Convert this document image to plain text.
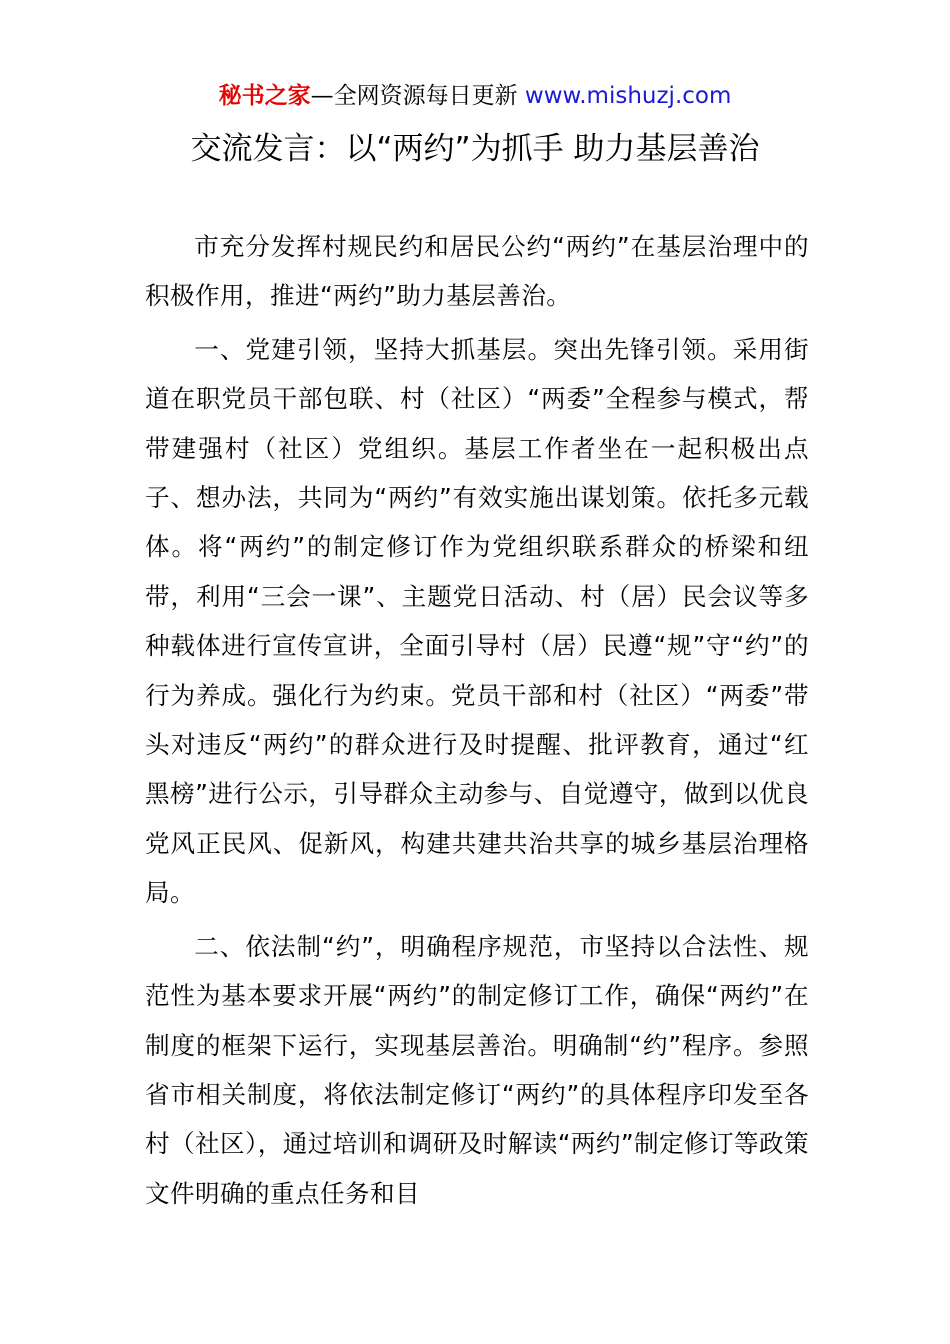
秘书之家—全网资源每日更新 www.mishuzj.com
交流发言：以“两约”为抓手 助力基层善治

市充分发挥村规民约和居民公约“两约”在基层治理中的积极作用，推进“两约”助力基层善治。

一、党建引领，坚持大抓基层。突出先锋引领。采用街道在职党员干部包联、村（社区）“两委”全程参与模式，帮带建强村（社区）党组织。基层工作者坐在一起积极出点子、想办法，共同为“两约”有效实施出谋划策。依托多元载体。将“两约”的制定修订作为党组织联系群众的桥梁和纽带，利用“三会一课”、主题党日活动、村（居）民会议等多种载体进行宣传宣讲，全面引导村（居）民遵“规”守“约”的行为养成。强化行为约束。党员干部和村（社区）“两委”带头对违反“两约”的群众进行及时提醒、批评教育，通过“红黑榜”进行公示，引导群众主动参与、自觉遵守，做到以优良党风正民风、促新风，构建共建共治共享的城乡基层治理格局。

二、依法制“约”，明确程序规范，市坚持以合法性、规范性为基本要求开展“两约”的制定修订工作，确保“两约”在制度的框架下运行，实现基层善治。明确制“约”程序。参照省市相关制度，将依法制定修订“两约”的具体程序印发至各村（社区），通过培训和调研及时解读“两约”制定修订等政策文件明确的重点任务和目
